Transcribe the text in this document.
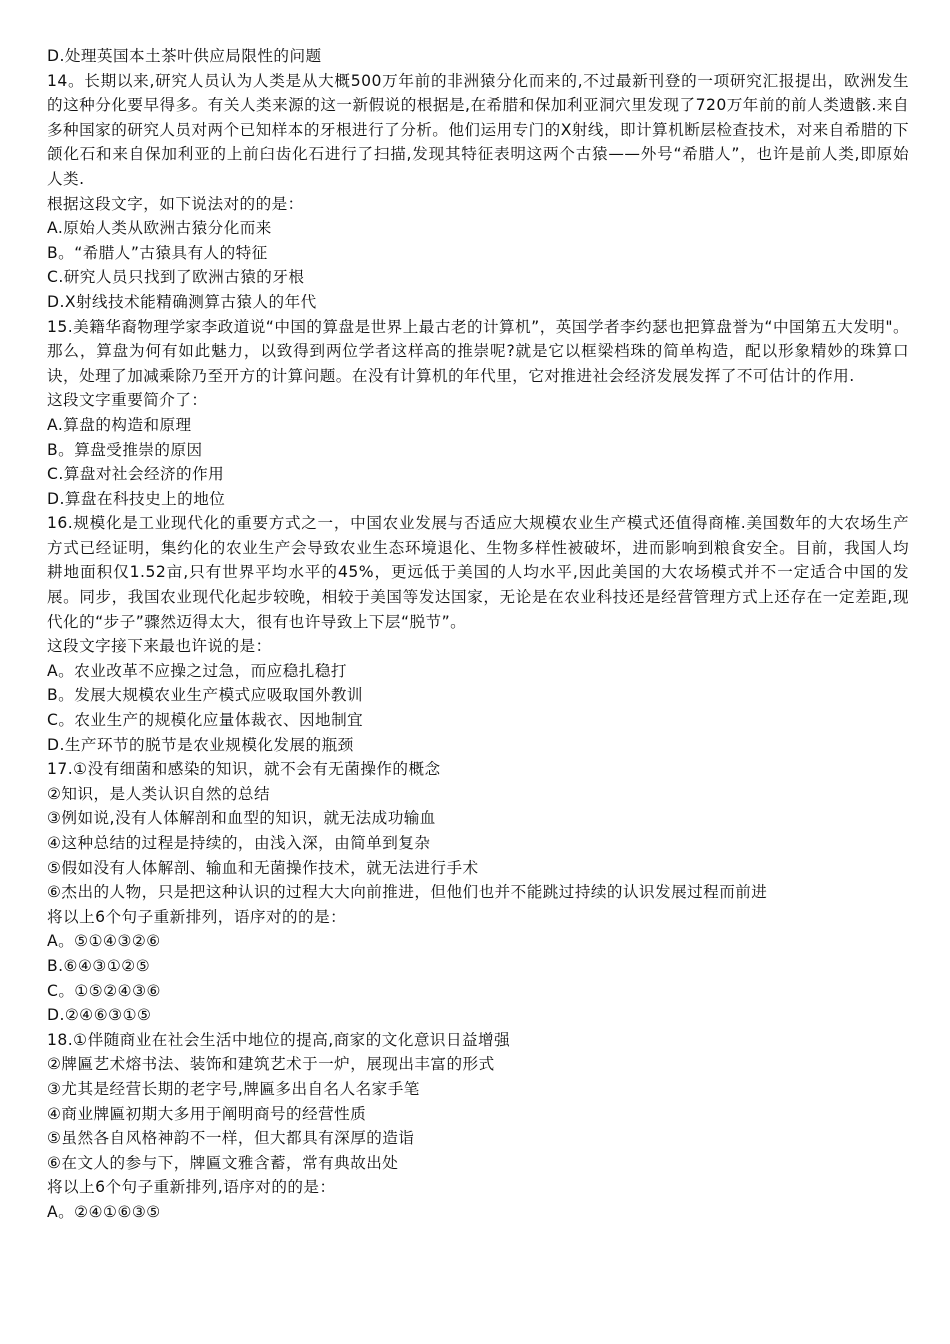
D.处理英国本土茶叶供应局限性的问题
14。长期以来,研究人员认为人类是从大概500万年前的非洲猿分化而来的,不过最新刊登的一项研究汇报提出，欧洲发生的这种分化要早得多。有关人类来源的这一新假说的根据是,在希腊和保加利亚洞穴里发现了720万年前的前人类遗骸.来自多种国家的研究人员对两个已知样本的牙根进行了分析。他们运用专门的X射线，即计算机断层检查技术，对来自希腊的下颌化石和来自保加利亚的上前臼齿化石进行了扫描,发现其特征表明这两个古猿——外号“希腊人”，也许是前人类,即原始人类.
根据这段文字，如下说法对的的是：
A.原始人类从欧洲古猿分化而来
B。“希腊人”古猿具有人的特征
C.研究人员只找到了欧洲古猿的牙根
D.X射线技术能精确测算古猿人的年代
15.美籍华裔物理学家李政道说“中国的算盘是世界上最古老的计算机”，英国学者李约瑟也把算盘誉为“中国第五大发明"。那么，算盘为何有如此魅力，以致得到两位学者这样高的推崇呢?就是它以框梁档珠的简单构造，配以形象精妙的珠算口诀，处理了加减乘除乃至开方的计算问题。在没有计算机的年代里，它对推进社会经济发展发挥了不可估计的作用.
这段文字重要简介了：
A.算盘的构造和原理
B。算盘受推崇的原因
C.算盘对社会经济的作用
D.算盘在科技史上的地位
16.规模化是工业现代化的重要方式之一，中国农业发展与否适应大规模农业生产模式还值得商榷.美国数年的大农场生产方式已经证明，集约化的农业生产会导致农业生态环境退化、生物多样性被破坏，进而影响到粮食安全。目前，我国人均耕地面积仅1.52亩,只有世界平均水平的45%，更远低于美国的人均水平,因此美国的大农场模式并不一定适合中国的发展。同步，我国农业现代化起步较晚，相较于美国等发达国家，无论是在农业科技还是经营管理方式上还存在一定差距,现代化的“步子”骤然迈得太大，很有也许导致上下层“脱节”。
这段文字接下来最也许说的是：
A。农业改革不应操之过急，而应稳扎稳打
B。发展大规模农业生产模式应吸取国外教训
C。农业生产的规模化应量体裁衣、因地制宜
D.生产环节的脱节是农业规模化发展的瓶颈
17.①没有细菌和感染的知识，就不会有无菌操作的概念
②知识，是人类认识自然的总结
③例如说,没有人体解剖和血型的知识，就无法成功输血
④这种总结的过程是持续的，由浅入深，由简单到复杂
⑤假如没有人体解剖、输血和无菌操作技术，就无法进行手术
⑥杰出的人物，只是把这种认识的过程大大向前推进，但他们也并不能跳过持续的认识发展过程而前进
将以上6个句子重新排列，语序对的的是：
A。⑤①④③②⑥
B.⑥④③①②⑤
C。①⑤②④③⑥
D.②④⑥③①⑤
18.①伴随商业在社会生活中地位的提高,商家的文化意识日益增强
②牌匾艺术熔书法、装饰和建筑艺术于一炉，展现出丰富的形式
③尤其是经营长期的老字号,牌匾多出自名人名家手笔
④商业牌匾初期大多用于阐明商号的经营性质
⑤虽然各自风格神韵不一样，但大都具有深厚的造诣
⑥在文人的参与下，牌匾文雅含蓄，常有典故出处
将以上6个句子重新排列,语序对的的是：
A。②④①⑥③⑤
